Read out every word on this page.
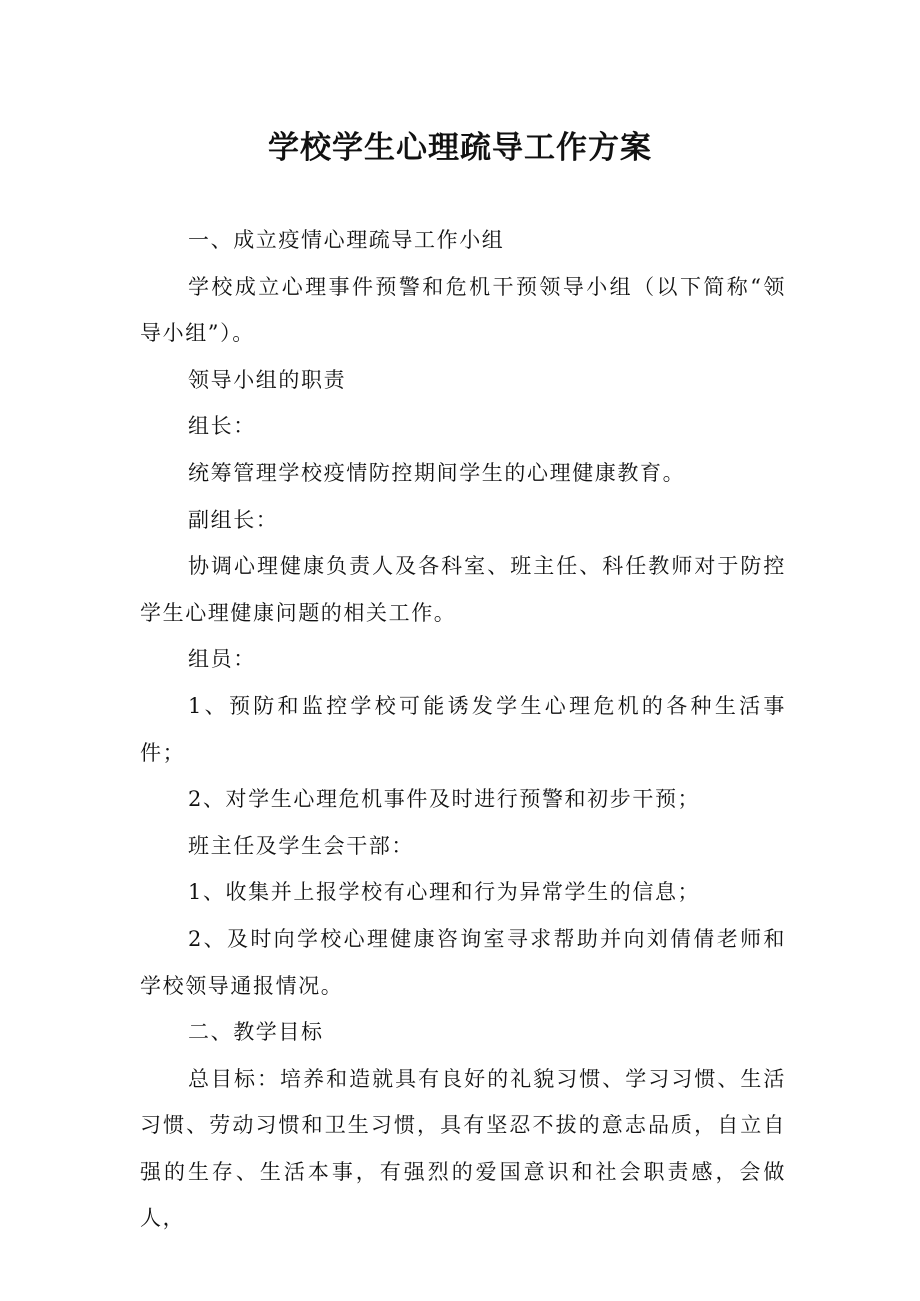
学校学生心理疏导工作方案

一、成立疫情心理疏导工作小组

学校成立心理事件预警和危机干预领导小组（以下简称“领导小组”）。

领导小组的职责

组长：

统筹管理学校疫情防控期间学生的心理健康教育。

副组长：

协调心理健康负责人及各科室、班主任、科任教师对于防控学生心理健康问题的相关工作。

组员：

1、预防和监控学校可能诱发学生心理危机的各种生活事件；

2、对学生心理危机事件及时进行预警和初步干预；

班主任及学生会干部：

1、收集并上报学校有心理和行为异常学生的信息；

2、及时向学校心理健康咨询室寻求帮助并向刘倩倩老师和学校领导通报情况。

二、教学目标

总目标：培养和造就具有良好的礼貌习惯、学习习惯、生活习惯、劳动习惯和卫生习惯，具有坚忍不拔的意志品质，自立自强的生存、生活本事，有强烈的爱国意识和社会职责感，会做人，
